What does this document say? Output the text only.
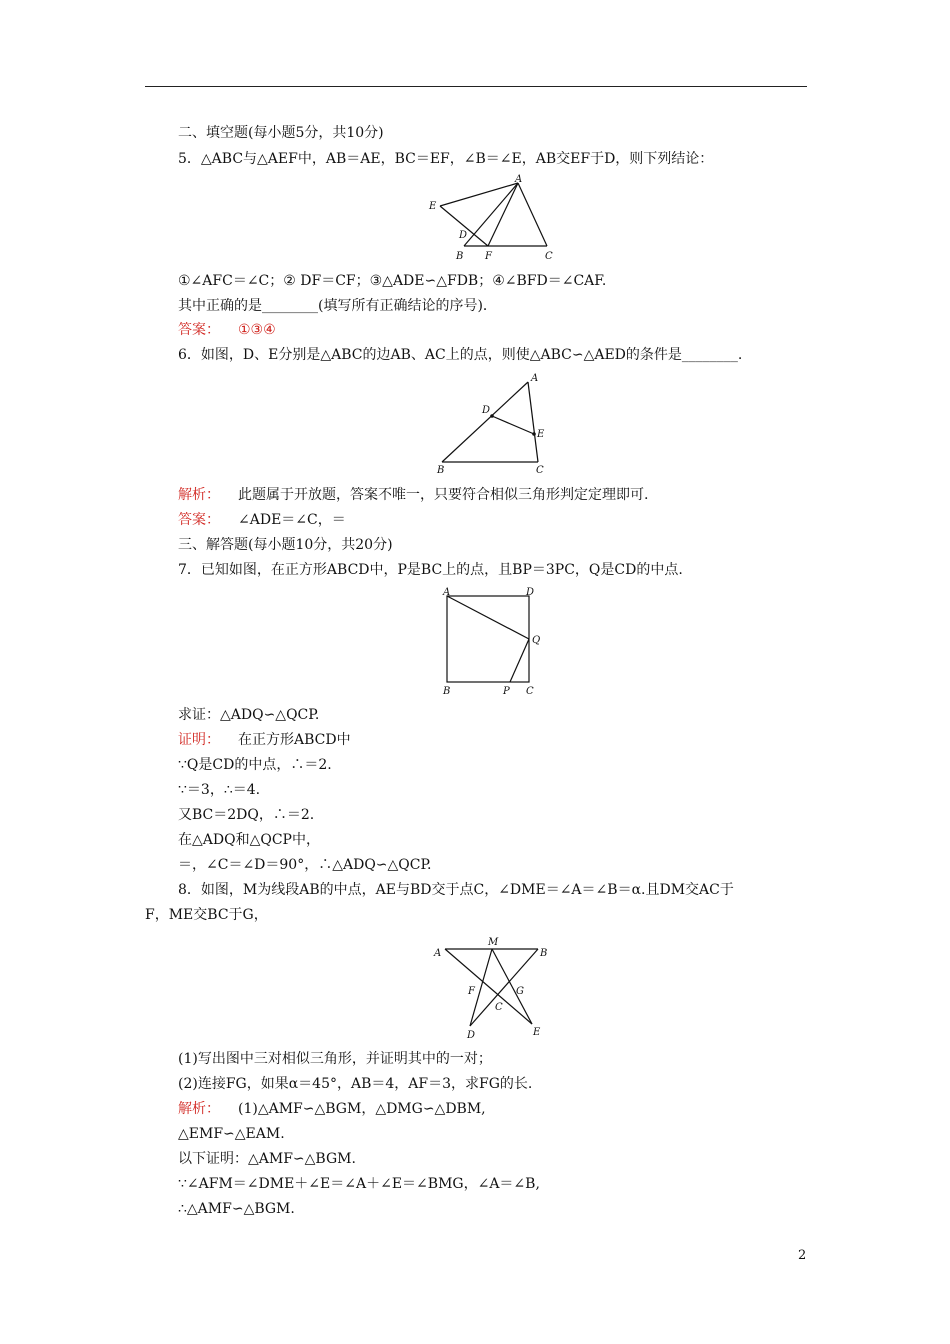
二、填空题(每小题5分，共10分)
5．△ABC与△AEF中，AB＝AE，BC＝EF，∠B＝∠E，AB交EF于D，则下列结论：
A
E
D
B F	C
①∠AFC＝∠C；② DF＝CF；③△ADE∽△FDB；④∠BFD＝∠CAF.
其中正确的是________(填写所有正确结论的序号)．
答案： ①③④
6．如图，D、E分别是△ABC的边AB、AC上的点，则使△ABC∽△AED的条件是________.
A
D
E
B	C
解析： 此题属于开放题，答案不唯一，只要符合相似三角形判定定理即可.
答案： ∠ADE＝∠C，＝
三、解答题(每小题10分，共20分)
7．已知如图，在正方形ABCD中，P是BC上的点，且BP＝3PC，Q是CD的中点.
A	D
Q
B	P C
求证：△ADQ∽△QCP.
证明： 在正方形ABCD中
∵Q是CD的中点，∴＝2.
∵＝3，∴＝4.
又BC＝2DQ，∴＝2.
在△ADQ和△QCP中，
＝，∠C＝∠D＝90°，∴△ADQ∽△QCP.
8．如图，M为线段AB的中点，AE与BD交于点C，∠DME＝∠A＝∠B＝α.且DM交AC于
F，ME交BC于G，
M
A	B
F	G
C
D	E
(1)写出图中三对相似三角形，并证明其中的一对；
(2)连接FG，如果α＝45°，AB＝4，AF＝3，求FG的长.
解析： (1)△AMF∽△BGM，△DMG∽△DBM,
△EMF∽△EAM.
以下证明：△AMF∽△BGM.
∵∠AFM＝∠DME＋∠E＝∠A＋∠E＝∠BMG，∠A＝∠B,
∴△AMF∽△BGM.
2
